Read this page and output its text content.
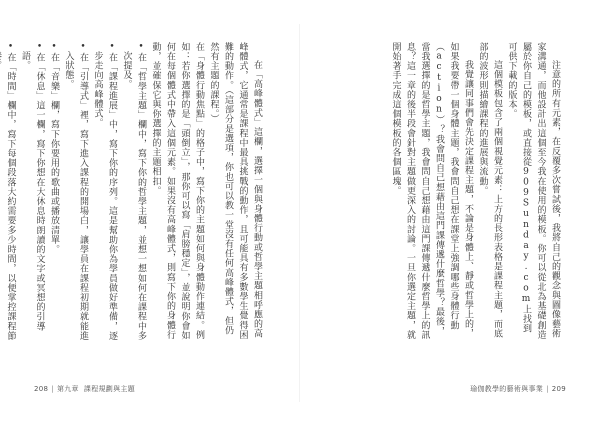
在「高峰體式」這欄，選擇一個與身體行動或哲學主題相呼應的高峰體式，它通常是課程中最具挑戰的動作，且可能具有多數學生覺得困難的動作。（這部分是選項，你也可以教一堂沒有任何高峰體式，但仍然有主題的課程。）

在「身體行動焦點」的格子中，寫下你的主題如何與身體動作連結。例如：若你選擇的是「頭倒立」，那你可以寫「肩膀穩定」，並說明你會如何在每個體式中帶入這個元素。如果沒有高峰體式，則寫下你的身體行動，並確保它與你選擇的主題相扣。

• 在「哲學主題」欄中，寫下你的哲學主題，並想一想如何在課程中多次提及。

• 在「課程進展」中，寫下你的序列。這是幫助你為學員做好準備，逐步走向高峰體式。

• 在「引導式」裡，寫下進入課程的開場白，讓學員在課程初期就能進入狀態。

• 在「音樂」欄，寫下你要用的歌曲或播放清單。

• 在「休息」這一欄，寫下你想在大休息時朗讀的文字或冥想的引導語。

• 在「時間」欄中，寫下每個段落大約需要多少時間，以便掌控課程節

208 | 第九章 課程規劃與主題

注意的所有元素，在反覆多次嘗試後，我將自己的觀念與圖像藝術家溝通，而他設計出這個至今我在使用的模板。你可以從北為基礎創造屬於你自己的模板，或直接從909Sunday.com上找到可供下載的版本。

這個模板包含了兩個視覺元素：上方的長形表格是課程主題，而底部的波形則描繪課程的進展與流動。

我覺讓同事們會先決定課程主題，不論是身體上、靜或哲學上的，如果我要帶一個身體主題，我會問自己想在課堂上強調哪些身體行動（action）？我會問自己想藉由這門課傳遞什麼哲學？最後，當我選擇的是哲學主題，我會問自己想藉由這門課傳遞什麼哲學上的訊息？這一章的後半段會針對主題做更深入的討論。一旦你選定主題，就開始著手完成這個模板的各個區塊。

瑜伽教學的藝術與事業 | 209
